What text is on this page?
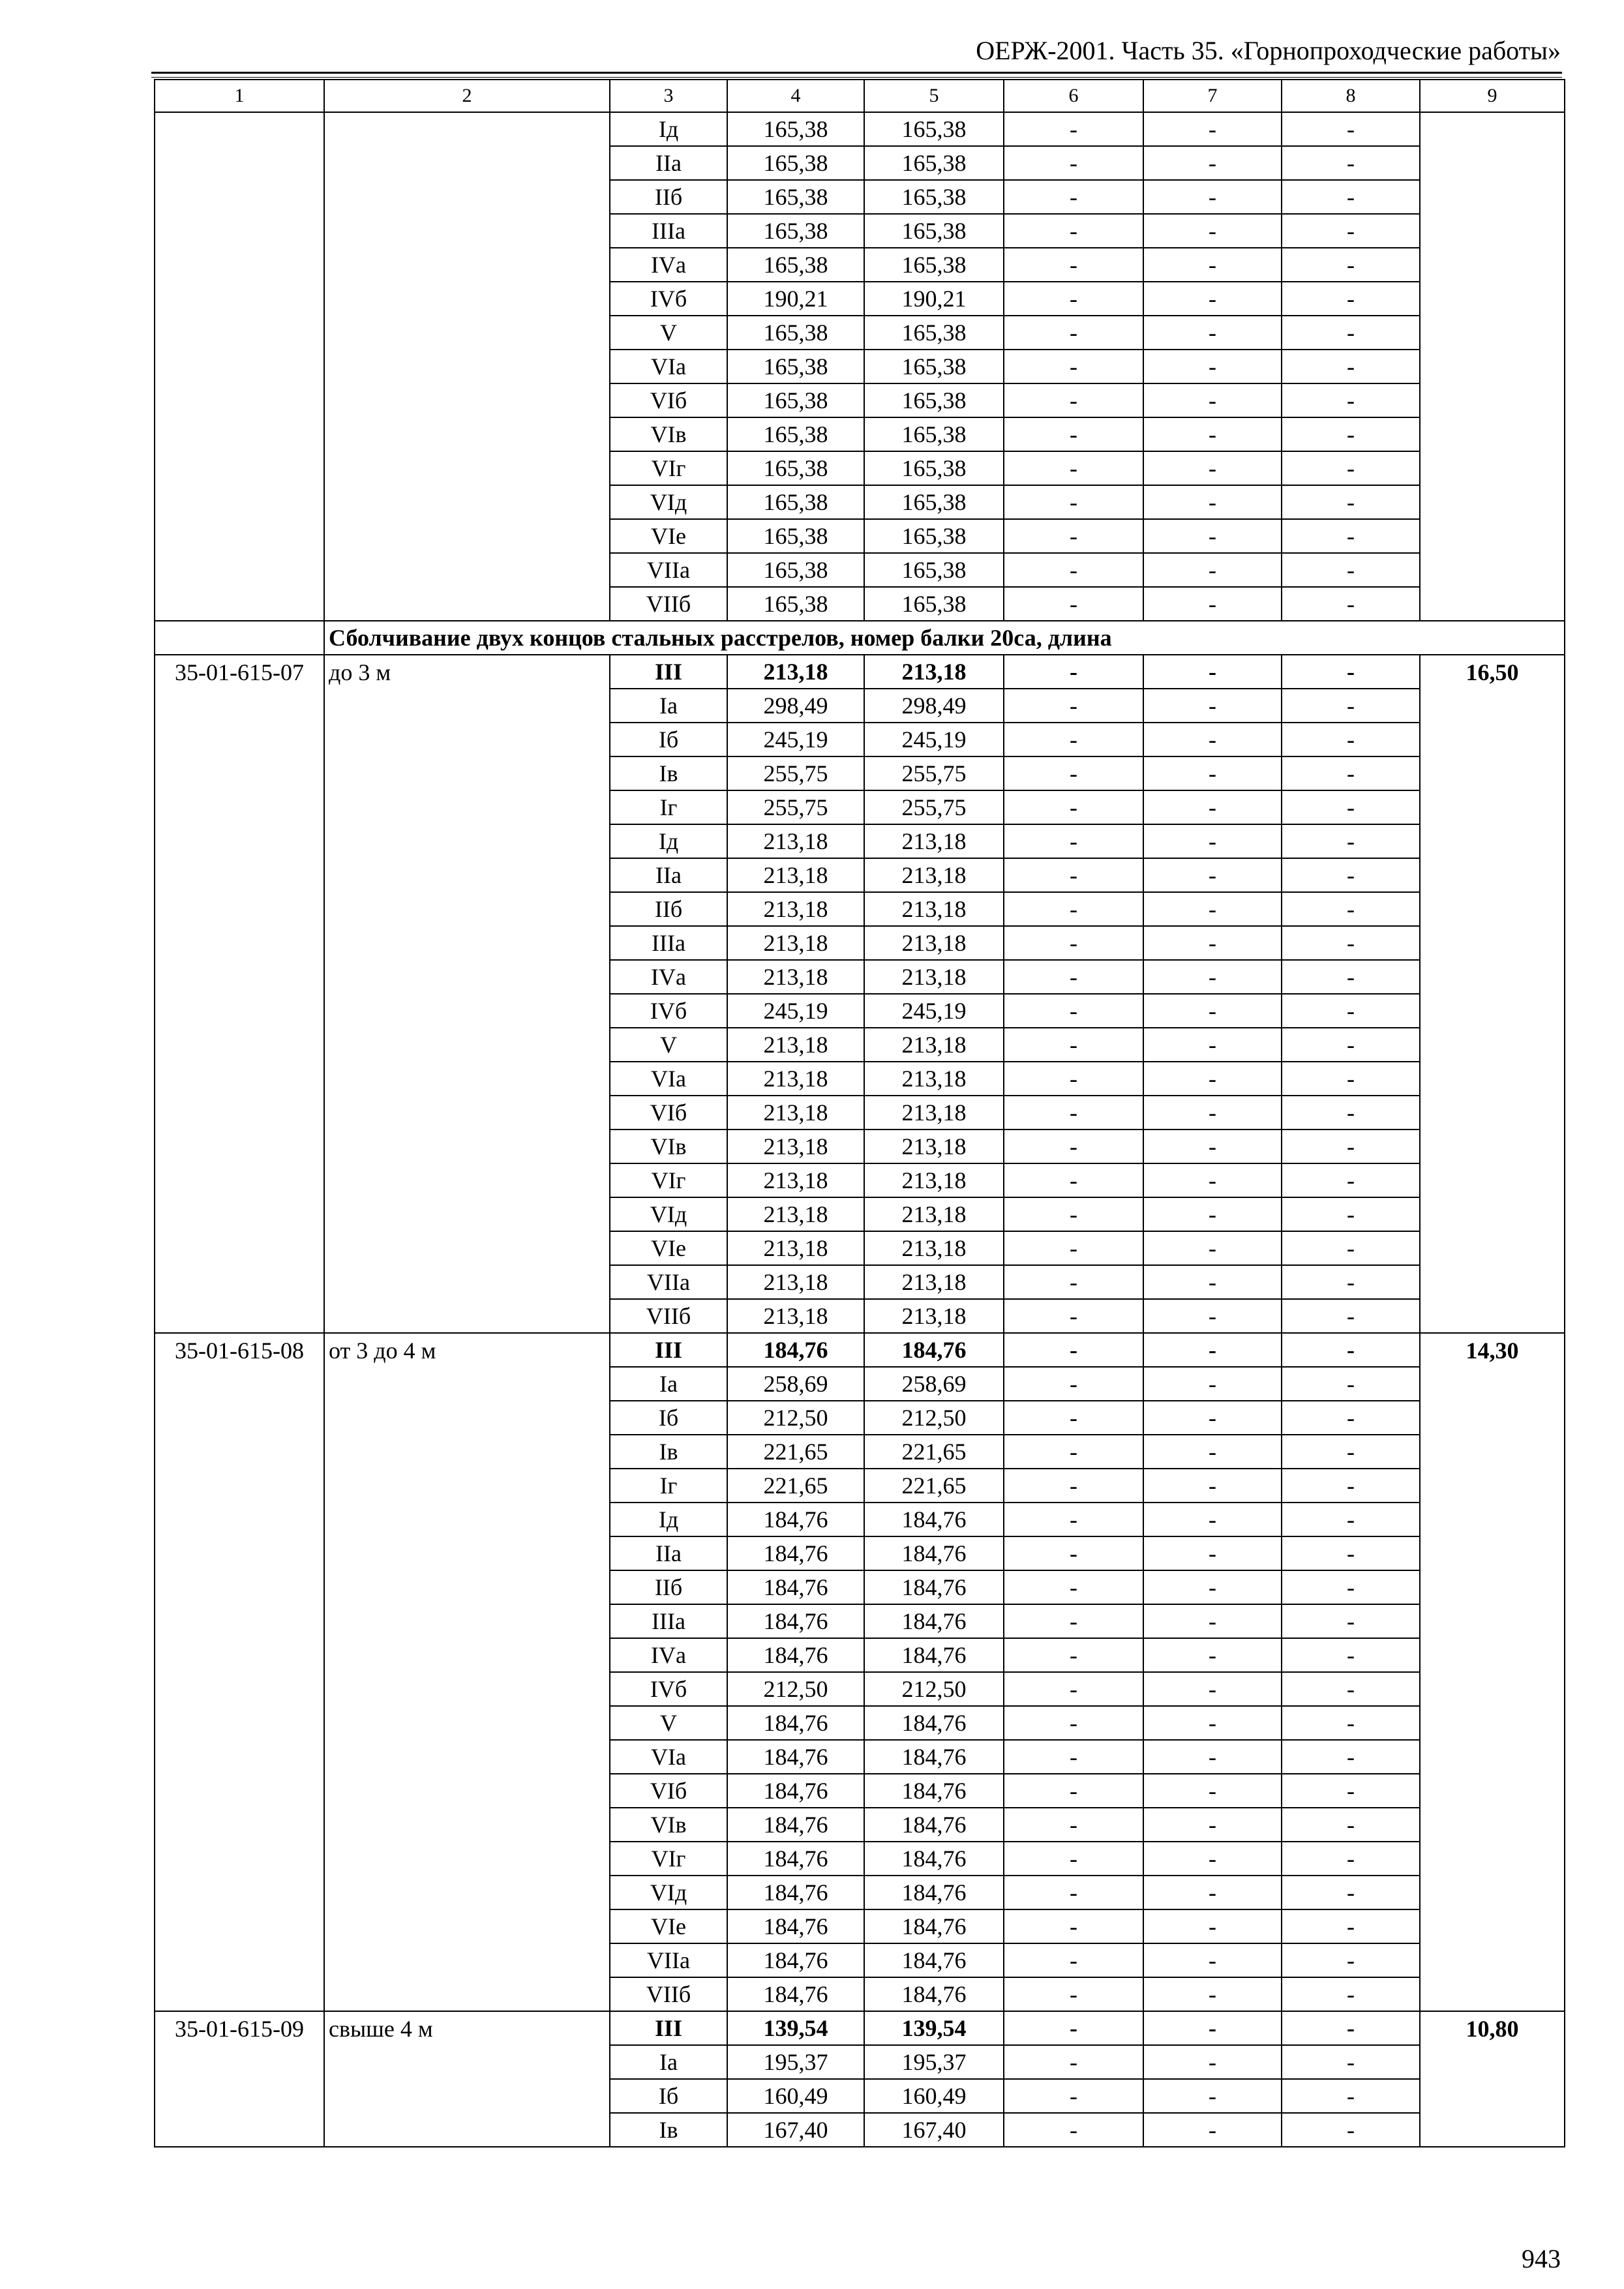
ОЕРЖ-2001. Часть 35. «Горнопроходческие работы»
1	2	3	4	5	6	7	8	9
		Iд	165,38	165,38	-	-	-	
		IIа	165,38	165,38	-	-	-	
		IIб	165,38	165,38	-	-	-	
		IIIа	165,38	165,38	-	-	-	
		IVа	165,38	165,38	-	-	-	
		IVб	190,21	190,21	-	-	-	
		V	165,38	165,38	-	-	-	
		VIа	165,38	165,38	-	-	-	
		VIб	165,38	165,38	-	-	-	
		VIв	165,38	165,38	-	-	-	
		VIг	165,38	165,38	-	-	-	
		VIд	165,38	165,38	-	-	-	
		VIе	165,38	165,38	-	-	-	
		VIIа	165,38	165,38	-	-	-	
		VIIб	165,38	165,38	-	-	-	
	Сболчивание двух концов стальных расстрелов, номер балки 20са, длина							
35-01-615-07	до 3 м	III	213,18	213,18	-	-	-	16,50
		Iа	298,49	298,49	-	-	-	
		Iб	245,19	245,19	-	-	-	
		Iв	255,75	255,75	-	-	-	
		Iг	255,75	255,75	-	-	-	
		Iд	213,18	213,18	-	-	-	
		IIа	213,18	213,18	-	-	-	
		IIб	213,18	213,18	-	-	-	
		IIIа	213,18	213,18	-	-	-	
		IVа	213,18	213,18	-	-	-	
		IVб	245,19	245,19	-	-	-	
		V	213,18	213,18	-	-	-	
		VIа	213,18	213,18	-	-	-	
		VIб	213,18	213,18	-	-	-	
		VIв	213,18	213,18	-	-	-	
		VIг	213,18	213,18	-	-	-	
		VIд	213,18	213,18	-	-	-	
		VIе	213,18	213,18	-	-	-	
		VIIа	213,18	213,18	-	-	-	
		VIIб	213,18	213,18	-	-	-	
35-01-615-08	от 3 до 4 м	III	184,76	184,76	-	-	-	14,30
		Iа	258,69	258,69	-	-	-	
		Iб	212,50	212,50	-	-	-	
		Iв	221,65	221,65	-	-	-	
		Iг	221,65	221,65	-	-	-	
		Iд	184,76	184,76	-	-	-	
		IIа	184,76	184,76	-	-	-	
		IIб	184,76	184,76	-	-	-	
		IIIа	184,76	184,76	-	-	-	
		IVа	184,76	184,76	-	-	-	
		IVб	212,50	212,50	-	-	-	
		V	184,76	184,76	-	-	-	
		VIа	184,76	184,76	-	-	-	
		VIб	184,76	184,76	-	-	-	
		VIв	184,76	184,76	-	-	-	
		VIг	184,76	184,76	-	-	-	
		VIд	184,76	184,76	-	-	-	
		VIе	184,76	184,76	-	-	-	
		VIIа	184,76	184,76	-	-	-	
		VIIб	184,76	184,76	-	-	-	
35-01-615-09	свыше 4 м	III	139,54	139,54	-	-	-	10,80
		Iа	195,37	195,37	-	-	-	
		Iб	160,49	160,49	-	-	-	
		Iв	167,40	167,40	-	-	-	
943
